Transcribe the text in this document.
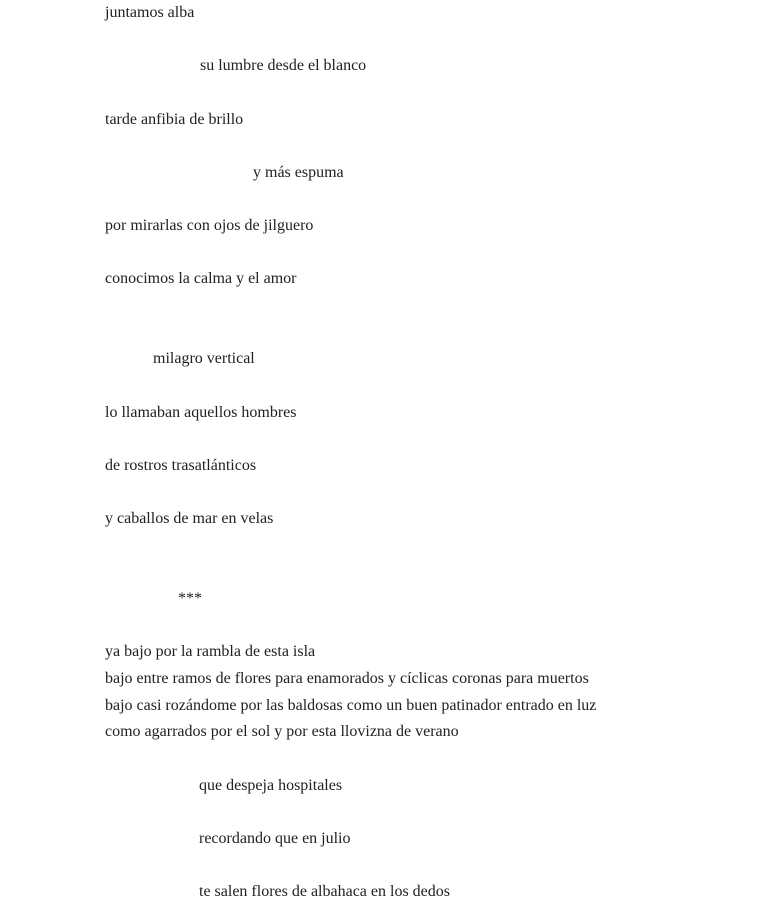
juntamos alba
su lumbre desde el blanco
tarde anfibia de brillo
y más espuma
por mirarlas con ojos de jilguero
conocimos la calma y el amor
milagro vertical
lo llamaban aquellos hombres
de rostros trasatlánticos
y caballos de mar en velas
***
ya bajo por la rambla de esta isla
bajo entre ramos de flores para enamorados y cíclicas coronas para muertos
bajo casi rozándome por las baldosas como un buen patinador entrado en luz
como agarrados por el sol y por esta llovizna de verano
que despeja hospitales
recordando que en julio
te salen flores de albahaca en los dedos
